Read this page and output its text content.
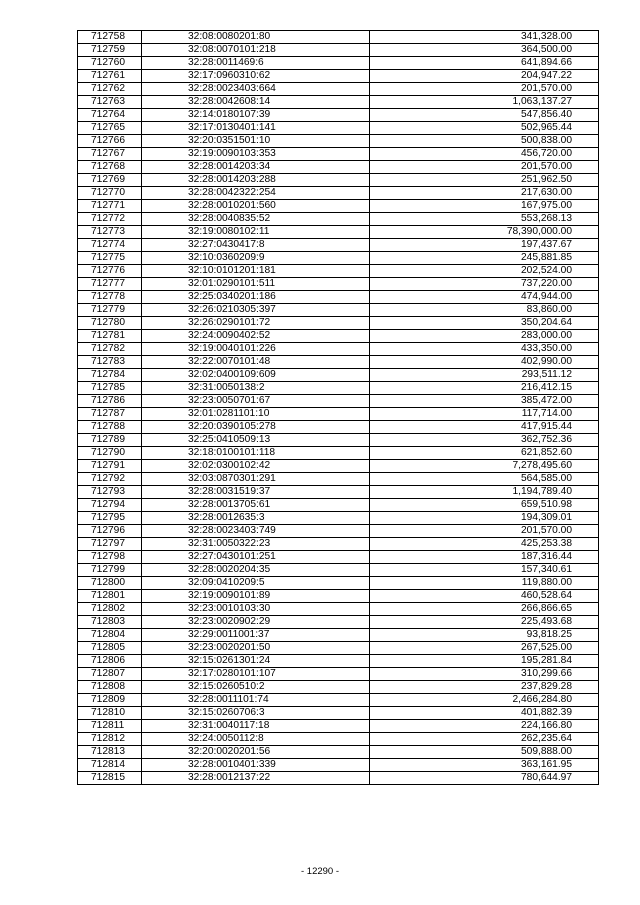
712758	32:08:0080201:80	341,328.00
712759	32:08:0070101:218	364,500.00
712760	32:28:0011469:6	641,894.66
712761	32:17:0960310:62	204,947.22
712762	32:28:0023403:664	201,570.00
712763	32:28:0042608:14	1,063,137.27
712764	32:14:0180107:39	547,856.40
712765	32:17:0130401:141	502,965.44
712766	32:20:0351501:10	500,838.00
712767	32:19:0090103:353	456,720.00
712768	32:28:0014203:34	201,570.00
712769	32:28:0014203:288	251,962.50
712770	32:28:0042322:254	217,630.00
712771	32:28:0010201:560	167,975.00
712772	32:28:0040835:52	553,268.13
712773	32:19:0080102:11	78,390,000.00
712774	32:27:0430417:8	197,437.67
712775	32:10:0360209:9	245,881.85
712776	32:10:0101201:181	202,524.00
712777	32:01:0290101:511	737,220.00
712778	32:25:0340201:186	474,944.00
712779	32:26:0210305:397	83,860.00
712780	32:26:0290101:72	350,204.64
712781	32:24:0090402:52	283,000.00
712782	32:19:0040101:226	433,350.00
712783	32:22:0070101:48	402,990.00
712784	32:02:0400109:609	293,511.12
712785	32:31:0050138:2	216,412.15
712786	32:23:0050701:67	385,472.00
712787	32:01:0281101:10	117,714.00
712788	32:20:0390105:278	417,915.44
712789	32:25:0410509:13	362,752.36
712790	32:18:0100101:118	621,852.60
712791	32:02:0300102:42	7,278,495.60
712792	32:03:0870301:291	564,585.00
712793	32:28:0031519:37	1,194,789.40
712794	32:28:0013705:61	659,510.98
712795	32:28:0012635:3	194,309.01
712796	32:28:0023403:749	201,570.00
712797	32:31:0050322:23	425,253.38
712798	32:27:0430101:251	187,316.44
712799	32:28:0020204:35	157,340.61
712800	32:09:0410209:5	119,880.00
712801	32:19:0090101:89	460,528.64
712802	32:23:0010103:30	266,866.65
712803	32:23:0020902:29	225,493.68
712804	32:29:0011001:37	93,818.25
712805	32:23:0020201:50	267,525.00
712806	32:15:0261301:24	195,281.84
712807	32:17:0280101:107	310,299.66
712808	32:15:0260510:2	237,829.28
712809	32:28:0011101:74	2,466,284.80
712810	32:15:0260706:3	401,882.39
712811	32:31:0040117:18	224,166.80
712812	32:24:0050112:8	262,235.64
712813	32:20:0020201:56	509,888.00
712814	32:28:0010401:339	363,161.95
712815	32:28:0012137:22	780,644.97
- 12290 -
